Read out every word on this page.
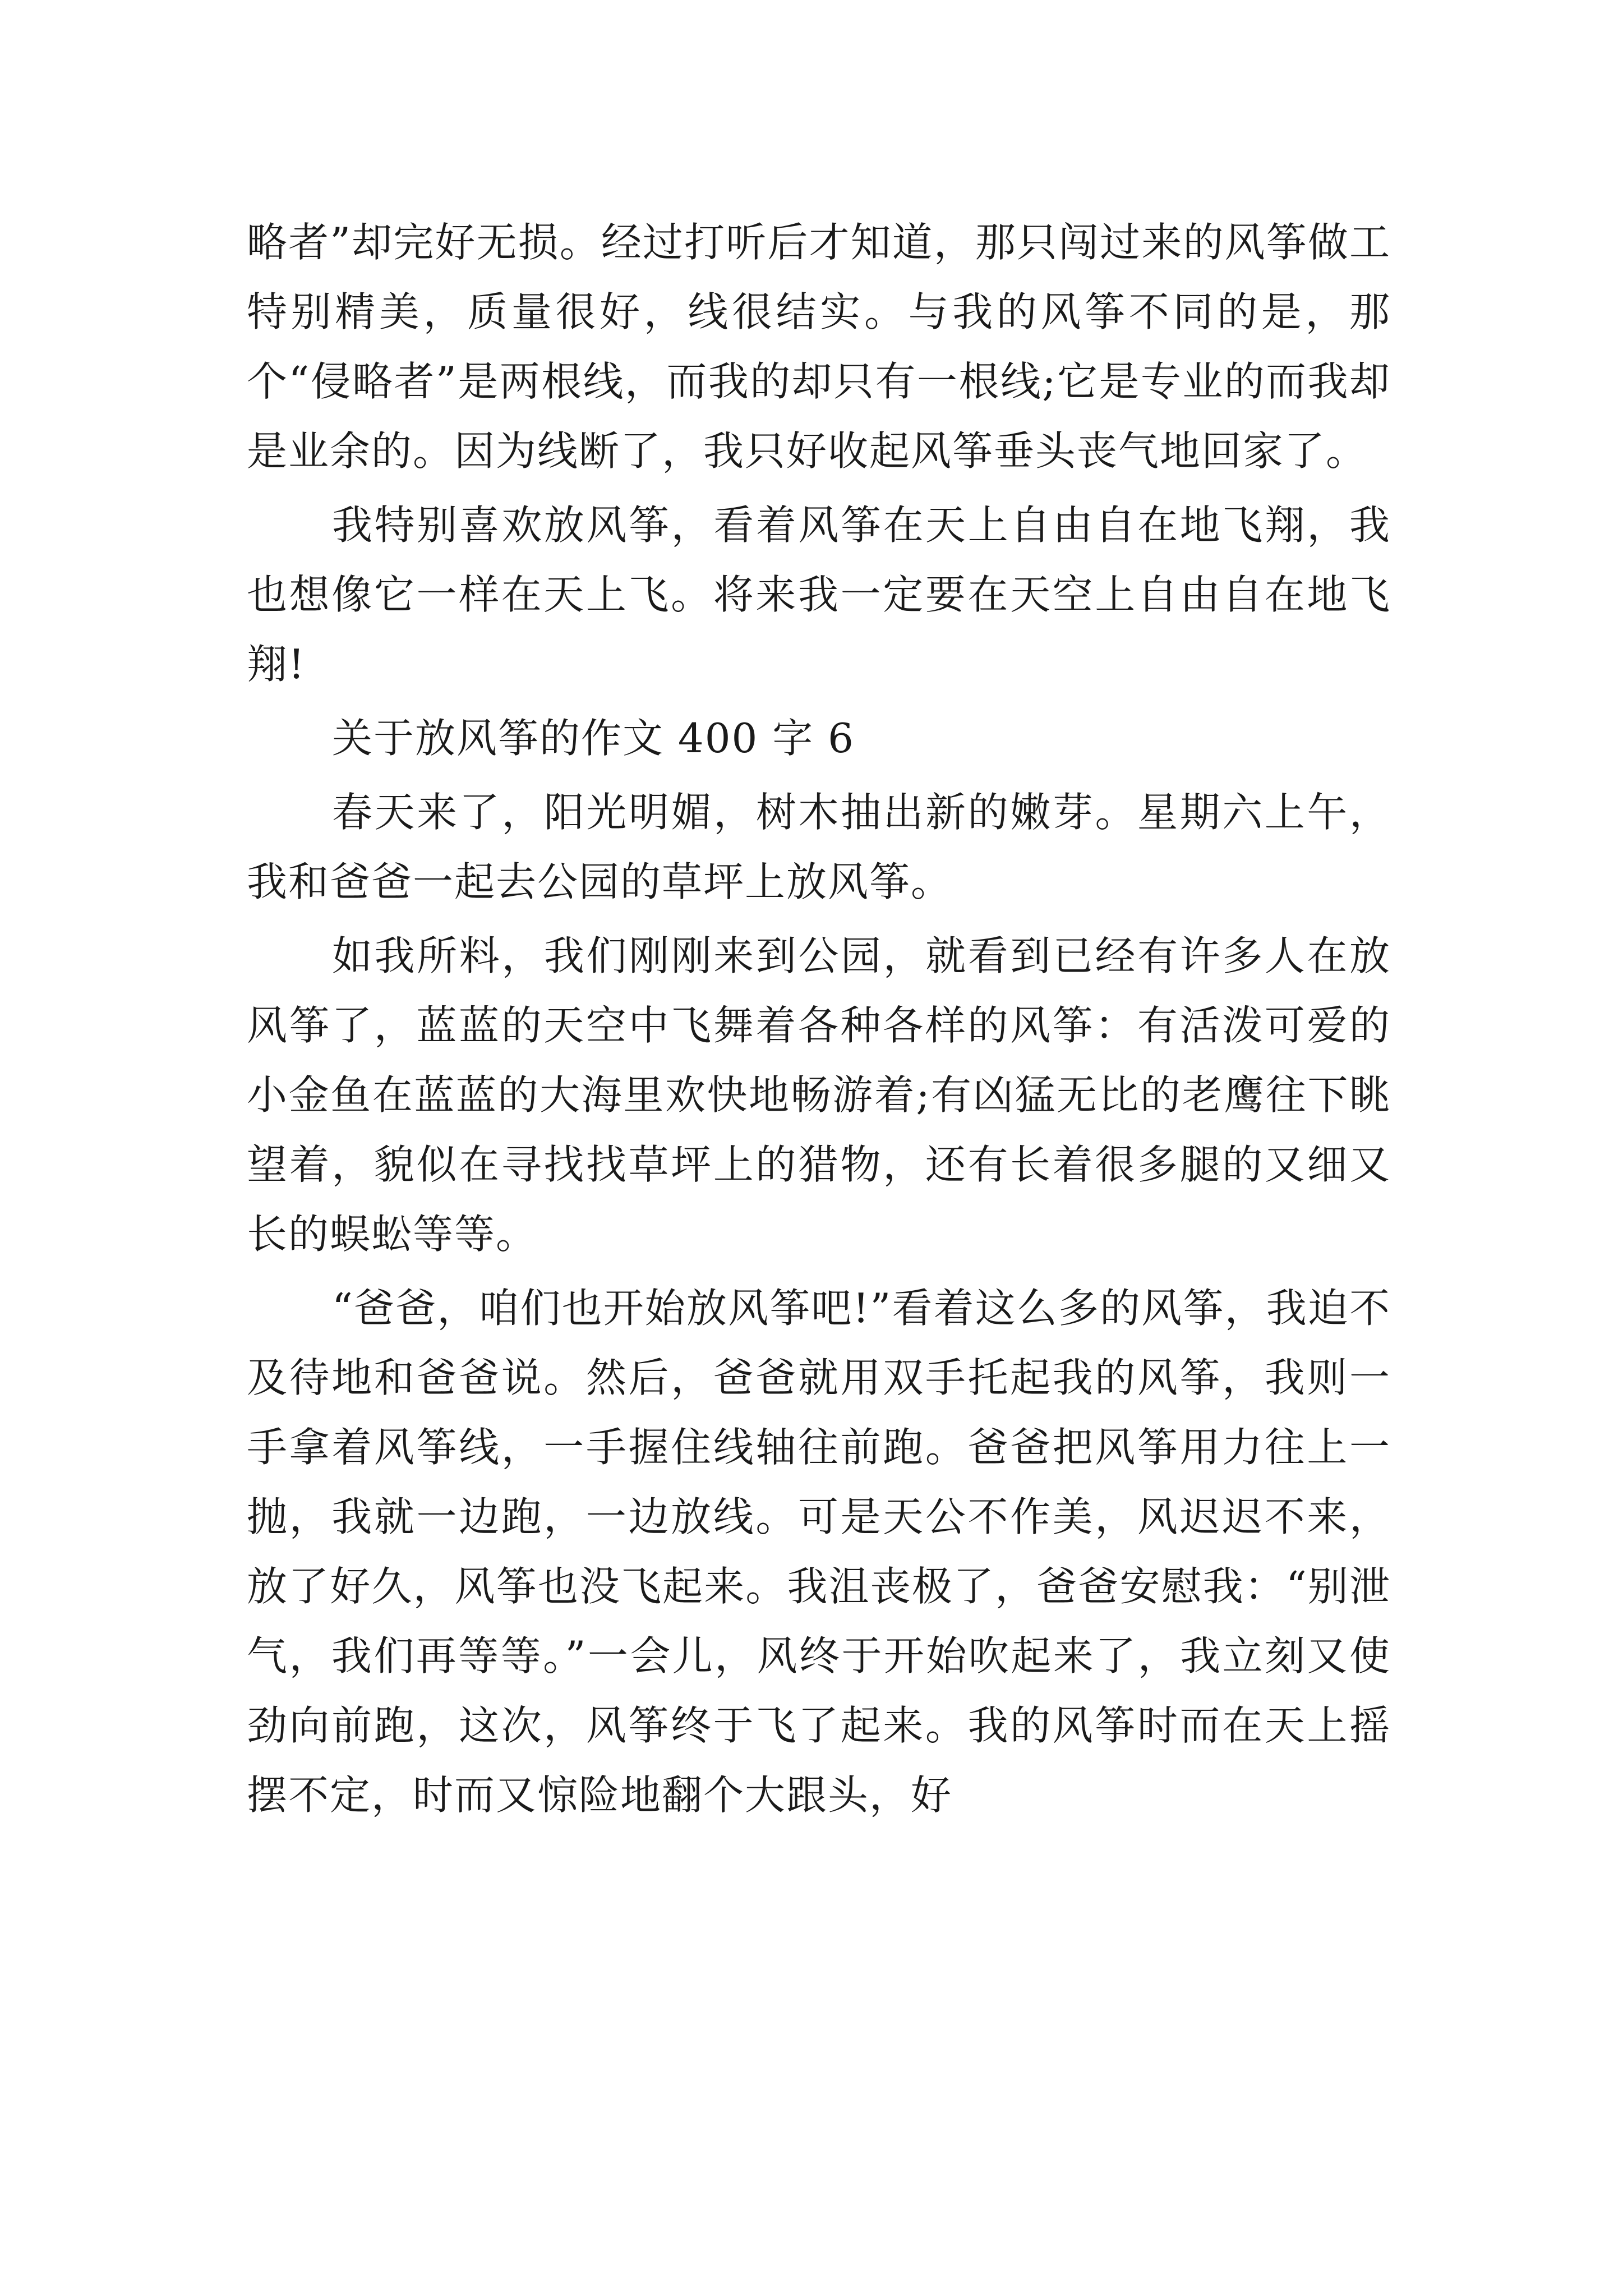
略者”却完好无损。经过打听后才知道，那只闯过来的风筝做工特别精美，质量很好，线很结实。与我的风筝不同的是，那个“侵略者”是两根线，而我的却只有一根线;它是专业的而我却是业余的。因为线断了，我只好收起风筝垂头丧气地回家了。

我特别喜欢放风筝，看着风筝在天上自由自在地飞翔，我也想像它一样在天上飞。将来我一定要在天空上自由自在地飞翔!

关于放风筝的作文 400 字 6

春天来了，阳光明媚，树木抽出新的嫩芽。星期六上午，我和爸爸一起去公园的草坪上放风筝。

如我所料，我们刚刚来到公园，就看到已经有许多人在放风筝了，蓝蓝的天空中飞舞着各种各样的风筝：有活泼可爱的小金鱼在蓝蓝的大海里欢快地畅游着;有凶猛无比的老鹰往下眺望着，貌似在寻找找草坪上的猎物，还有长着很多腿的又细又长的蜈蚣等等。

“爸爸，咱们也开始放风筝吧!”看着这么多的风筝，我迫不及待地和爸爸说。然后，爸爸就用双手托起我的风筝，我则一手拿着风筝线，一手握住线轴往前跑。爸爸把风筝用力往上一抛，我就一边跑，一边放线。可是天公不作美，风迟迟不来，放了好久，风筝也没飞起来。我沮丧极了，爸爸安慰我：“别泄气，我们再等等。”一会儿，风终于开始吹起来了，我立刻又使劲向前跑，这次，风筝终于飞了起来。我的风筝时而在天上摇摆不定，时而又惊险地翻个大跟头，好
